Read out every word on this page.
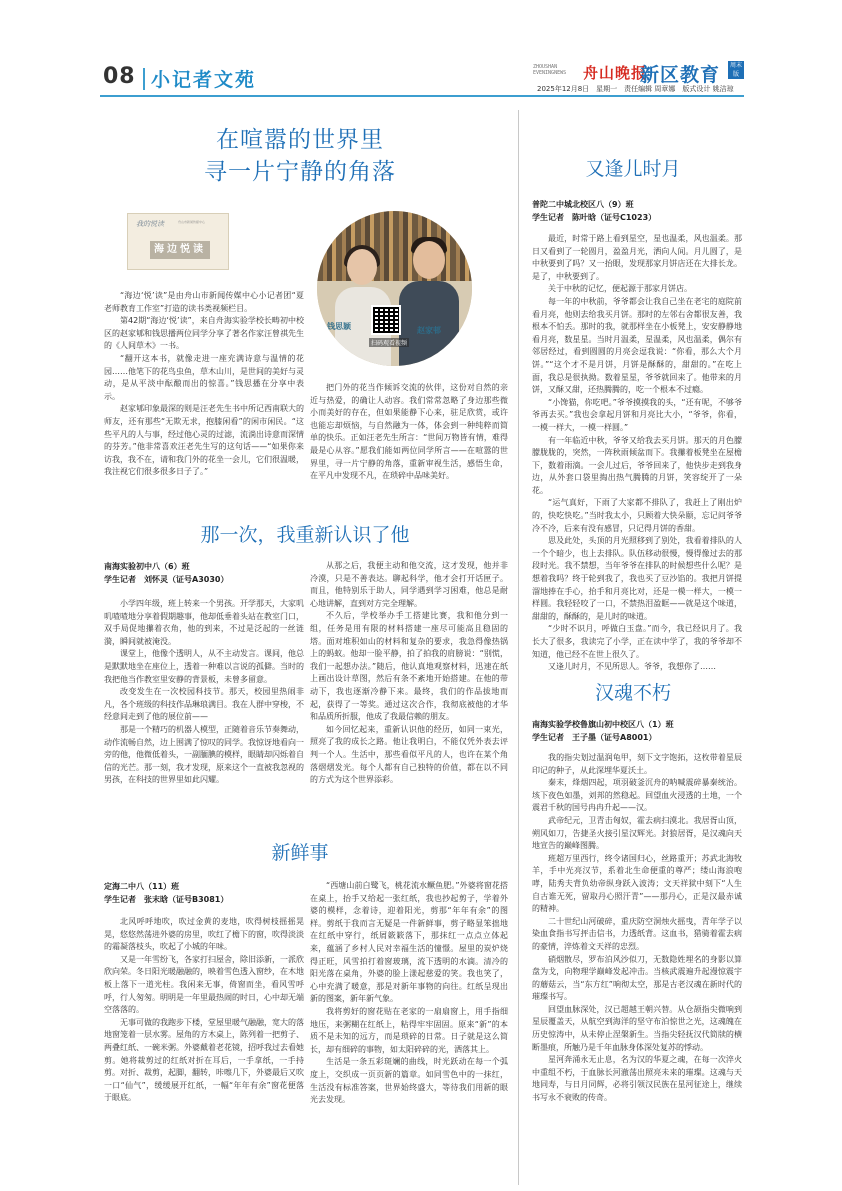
08 小记者文苑
ZHOUSHAN EVENINGNEWS	舟山晚报
新区教育	周末版
2025年12月8日　星期一　责任编辑 周章娜　版式设计 姚洁琼
在喧嚣的世界里
寻一片宁静的角落
我的悦读	舟山市新闻传媒中心
海边悦读
钱思颖	赵家邨
扫码观看视频

“海边‘悦’读”是由舟山市新闻传媒中心小记者团“夏老师教育工作室”打造的读书类视频栏目。

第42期“海边‘悦’读”，来自舟海实验学校长畴初中校区的赵家郇和钱思播两位同学分享了著名作家汪曾祺先生的《人间草木》一书。

“翻开这本书，就像走进一座充满诗意与温情的花园……他笔下的花鸟虫鱼，草木山川，是世间的美好与灵动，是从平淡中酝酿而出的惊喜。”钱思播在分享中表示。

赵家郇印象最深的则是汪老先生书中所记西南联大的师友，还有那些“无欺无求，抱膝闲看”的闲市闲民。“这些平凡的人与事，经过他心灵的过滤，流淌出诗意而深情的芬芳。”他非常喜欢汪老先生写的这句话——“如果你来访我，我不在，请和我门外的花坐一会儿，它们很温暖，我注视它们很多很多日子了。”

把门外的花当作倾诉交流的伙伴，这份对自然的亲近与热爱，的确让人动容。我们常常忽略了身边那些微小而美好的存在，但如果能静下心来，驻足欣赏，或许也能忘却烦恼，与自然融为一体，体会到一种纯粹而简单的快乐。正如汪老先生所言：“世间万物皆有情，难得最是心从容。”愿我们能如两位同学所言——在喧嚣的世界里，寻一片宁静的角落，重新审视生活，感悟生命，在平凡中发现不凡，在琐碎中品味美好。

那一次，我重新认识了他
南海实验初中八（6）班
学生记者　刘怀灵（证号A3030）

小学四年级，班上转来一个男孩。开学那天，大家叽叽喳喳地分享着假期趣事，他却低垂着头站在教室门口，双手局促地攥着衣角，他的到来，不过是泛起的一丝涟漪，瞬间就被淹没。

课堂上，他像个透明人，从不主动发言。课间，他总是默默地坐在座位上，透着一种难以言说的孤僻。当时的我把他当作教室里安静的背景板，未曾多留意。

改变发生在一次校园科技节。那天，校园里热闹非凡，各个班级的科技作品琳琅满目。我在人群中穿梭，不经意间走到了他的展位前——

那是一个精巧的机器人模型，正随着音乐节奏舞动，动作流畅自然，边上围满了惊叹的同学。我惊讶地看向一旁的他，他微低着头，一副腼腆的模样，眼睛却闪烁着自信的光芒。那一刻，我才发现，原来这个一直被我忽视的男孩，在科技的世界里如此闪耀。

从那之后，我便主动和他交流，这才发现，他并非冷漠，只是不善表达。聊起科学，他才会打开话匣子。而且，他特别乐于助人，同学遇到学习困难，他总是耐心地讲解，直到对方完全理解。

不久后，学校举办手工搭建比赛，我和他分到一组，任务是用有限的材料搭建一座尽可能高且稳固的塔。面对堆积如山的材料和复杂的要求，我急得像热锅上的蚂蚁。他却一脸平静，拍了拍我的肩膀说：“别慌，我们一起想办法。”随后，他认真地观察材料，迅速在纸上画出设计草图，然后有条不紊地开始搭建。在他的带动下，我也逐渐冷静下来。最终，我们的作品拔地而起，获得了一等奖。通过这次合作，我彻底被他的才华和品质所折服，他成了我最信赖的朋友。

如今回忆起来，重新认识他的经历，如同一束光，照亮了我的成长之路。他让我明白，不能仅凭外表去评判一个人。生活中，那些看似平凡的人，也许在某个角落熠熠发光。每个人都有自己独特的价值，都在以不同的方式为这个世界添彩。

新鲜事
定海二中八（11）班
学生记者　张末晗（证号B3081）

北风呼呼地吹，吹过金黄的麦地，吹得树枝摇摇晃晃，悠悠然荡进外婆的房里，吹红了檐下的窗，吹得淡淡的霜凝落枝头，吹起了小城的年味。

又是一年雪纷飞，各家打扫屋舍，除旧添新，一派欣欣向荣。冬日阳光暖融融的，映着雪色透入窗纱，在木地板上落下一道光柱。我闲来无事，倚窗而坐，看风雪呼呼，行人匆匆。明明是一年里最热闹的时日，心中却无端空落落的。

无事可做的我跑步下楼，堂屋里暖气融融，宽大的落地窗笼着一层水雾。屋角的方木桌上，陈列着一把剪子、两叠红纸、一碗米粥。外婆戴着老花镜，招呼我过去看她剪。她将裁剪过的红纸对折在耳后，一手拿纸，一手持剪。对折、裁剪，起脚，翻转，咔嚓几下，外婆最后又吹一口“仙气”，缓缓展开红纸，一幅“年年有余”窗花便落于眼底。

“西塘山前白鹭飞，桃花流水鳜鱼肥。”外婆将窗花搭在桌上，抬手又给起一张红纸，我也抄起剪子，学着外婆的模样，念着诗，迎着阳光，剪那“年年有余”的图样。剪纸于我而言无疑是一件新鲜事，剪子略显笨拙地在红纸中穿行，纸屑簌簌落下，那抹红一点点立体起来，蕴涵了乡村人民对幸福生活的憧憬。屋里的炭炉烧得正旺，风雪拍打着窗玻璃，流下透明的水滴。清冷的阳光落在桌角，外婆的脸上漾起慈爱的笑。我也笑了，心中充满了暖意，那是对新年事物的向往。红纸呈现出新的图案，新年新气象。

我将剪好的窗花贴在老家的一扇扇窗上，用手指细地压，来粥糊在红纸上，粘得牢牢固固。原来“新”的本质不是未知的远方，而是琐碎的日常。日子就是这么简长，却有细碎的事物，如太阳碎碎的光，洒落其上。

生活是一条五彩斑斓的曲线，时光跃动在每一个弧度上，交织成一页页新的篇章。如同雪色中的一抹红，生活没有标准答案，世界始终盛大，等待我们用新的眼光去发现。

又逢儿时月
普陀二中城北校区八（9）班
学生记者　陈叶晗（证号C1023）

最近，时常于路上看到星空，星也温柔，风也温柔。那日又看到了一轮圆月，盈盈月光，洒向人间。月儿圆了，是中秋要到了吗？又一抬眼，发现那家月饼店还在大排长龙。是了，中秋要到了。

关于中秋的记忆，便起源于那家月饼店。

每一年的中秋前，爷爷都会让我自己坐在老宅的庭院前看月亮，他则去给我买月饼。那时的左邻右舍都很友善，我根本不怕丢。那时的我，就那样坐在小板凳上，安安静静地看月亮，数星星。当时月温柔，星温柔，风也温柔，偶尔有邻居经过，看到圆圆的月亮会逗我说：“你看，那么大个月饼。”“这个才不是月饼，月饼是酥酥的，甜甜的。”在吃上面，我总是很执拗。数着星星，爷爷就回来了。他带来的月饼，又酥又甜，还热腾腾的，吃一个根本不过瘾。

“小馋猫，你吃吧。”爷爷摸摸我的头，“还有呢，不够爷爷再去买。”我也会拿起月饼和月亮比大小，“爷爷，你看，一模一样大，一模一样圆。”

有一年临近中秋，爷爷又给我去买月饼。那天的月色朦朦胧胧的，突然，一阵秋雨倾盆而下。我攥着板凳坐在屋檐下，数着雨滴。一会儿过后，爷爷回来了，他快步走到我身边，从外套口袋里掏出热气腾腾的月饼，笑容绽开了一朵花。

“运气真好，下雨了大家都不排队了，我赶上了刚出炉的，快吃快吃。”当时我太小，只顾着大快朵颐，忘记问爷爷冷不冷，后来有没有感冒，只记得月饼的香甜。

思及此处，头顶的月光照移到了别处，我看着排队的人一个个暗少，也上去排队。队伍移动很慢，慢得像过去的那段时光。我不禁想，当年爷爷在排队的时候想些什么呢？是想着我吗？终于轮到我了，我也买了豆沙馅的。我把月饼提溜地捧在手心，抬手和月亮比对，还是一模一样大，一模一样圆。我轻轻咬了一口，不禁热泪盈眶——就是这个味道，甜甜的，酥酥的，是儿时的味道。

“少时不识月，呼做白玉盘。”而今，我已经识月了。我长大了很多，我读完了小学，正在读中学了，我的爷爷却不知道，他已经不在世上很久了。

又逢儿时月，不见所思人。爷爷，我想你了……

汉魂不朽
南海实验学校鲁旗山初中校区八（1）班
学生记者　王子墨（证号A8001）

我的指尖划过温润龟甲，刻下文字饱拓，这枚带着星辰印记的种子，从此深埋华夏沃土。

秦末，烽烟四起，项羽破釜沉舟的呐喊震碎暴秦统治。垓下夜色如墨，刘邦的然稳起。回望血火浸透的土地，一个震君千秋的国号冉冉升起——汉。

武帝纪元，卫青击匈奴，霍去病扫漠北。我居胥山顶，朔风如刀，告捷圣火接引星汉辉光。封狼居胥，是汉魂向天地宣告的巅峰图腾。

班超万里西行，终令诸国归心，丝路重开；苏武北海牧羊，手中光亮汉节，系着北生命便重的尊严；缕山海浪咆哮，陆秀夫背负幼帝纵身跃入波涛；文天祥狱中刻下“人生自古谁无死，留取丹心照汗青”——那丹心，正是汉最赤诚的精神。

二十世纪山河破碎，重庆防空洞烛火摇曳，青年学子以染血食指书写抨击信书，力透纸背。这血书，猎骑着霍去病的豪情，淬炼着文天祥的忠烈。

硝烟散尽，罗布泊风沙似刀，无数隐姓埋名的身影以算盘为戈，向物理学巅峰发起冲击。当核武震遍升起漫惊震宇的蘑菇云，当“东方红”响彻太空，那是古老汉魂在新时代的璀璨书写。

回望血脉深处，汉已超越王朝兴替。从仓颉指尖微响到星辰覆盖天，从航空到海洋的坚守布泊惊世之光，这魂魄在历史惊涛中，从未停止涅槃新生。当指尖轻抚汉代简牍的横断墨痕，所触乃是千年血脉身体深处复苏的悸动。

星河奔涌永无止息，名为汉的华夏之魂，在每一次淬火中重组不朽，于血脉长河澈荡出照亮未来的璀璨。这魂与天地同寿，与日月同辉，必将引领汉民族在星河征途上，继续书写永不衰败的传奇。
